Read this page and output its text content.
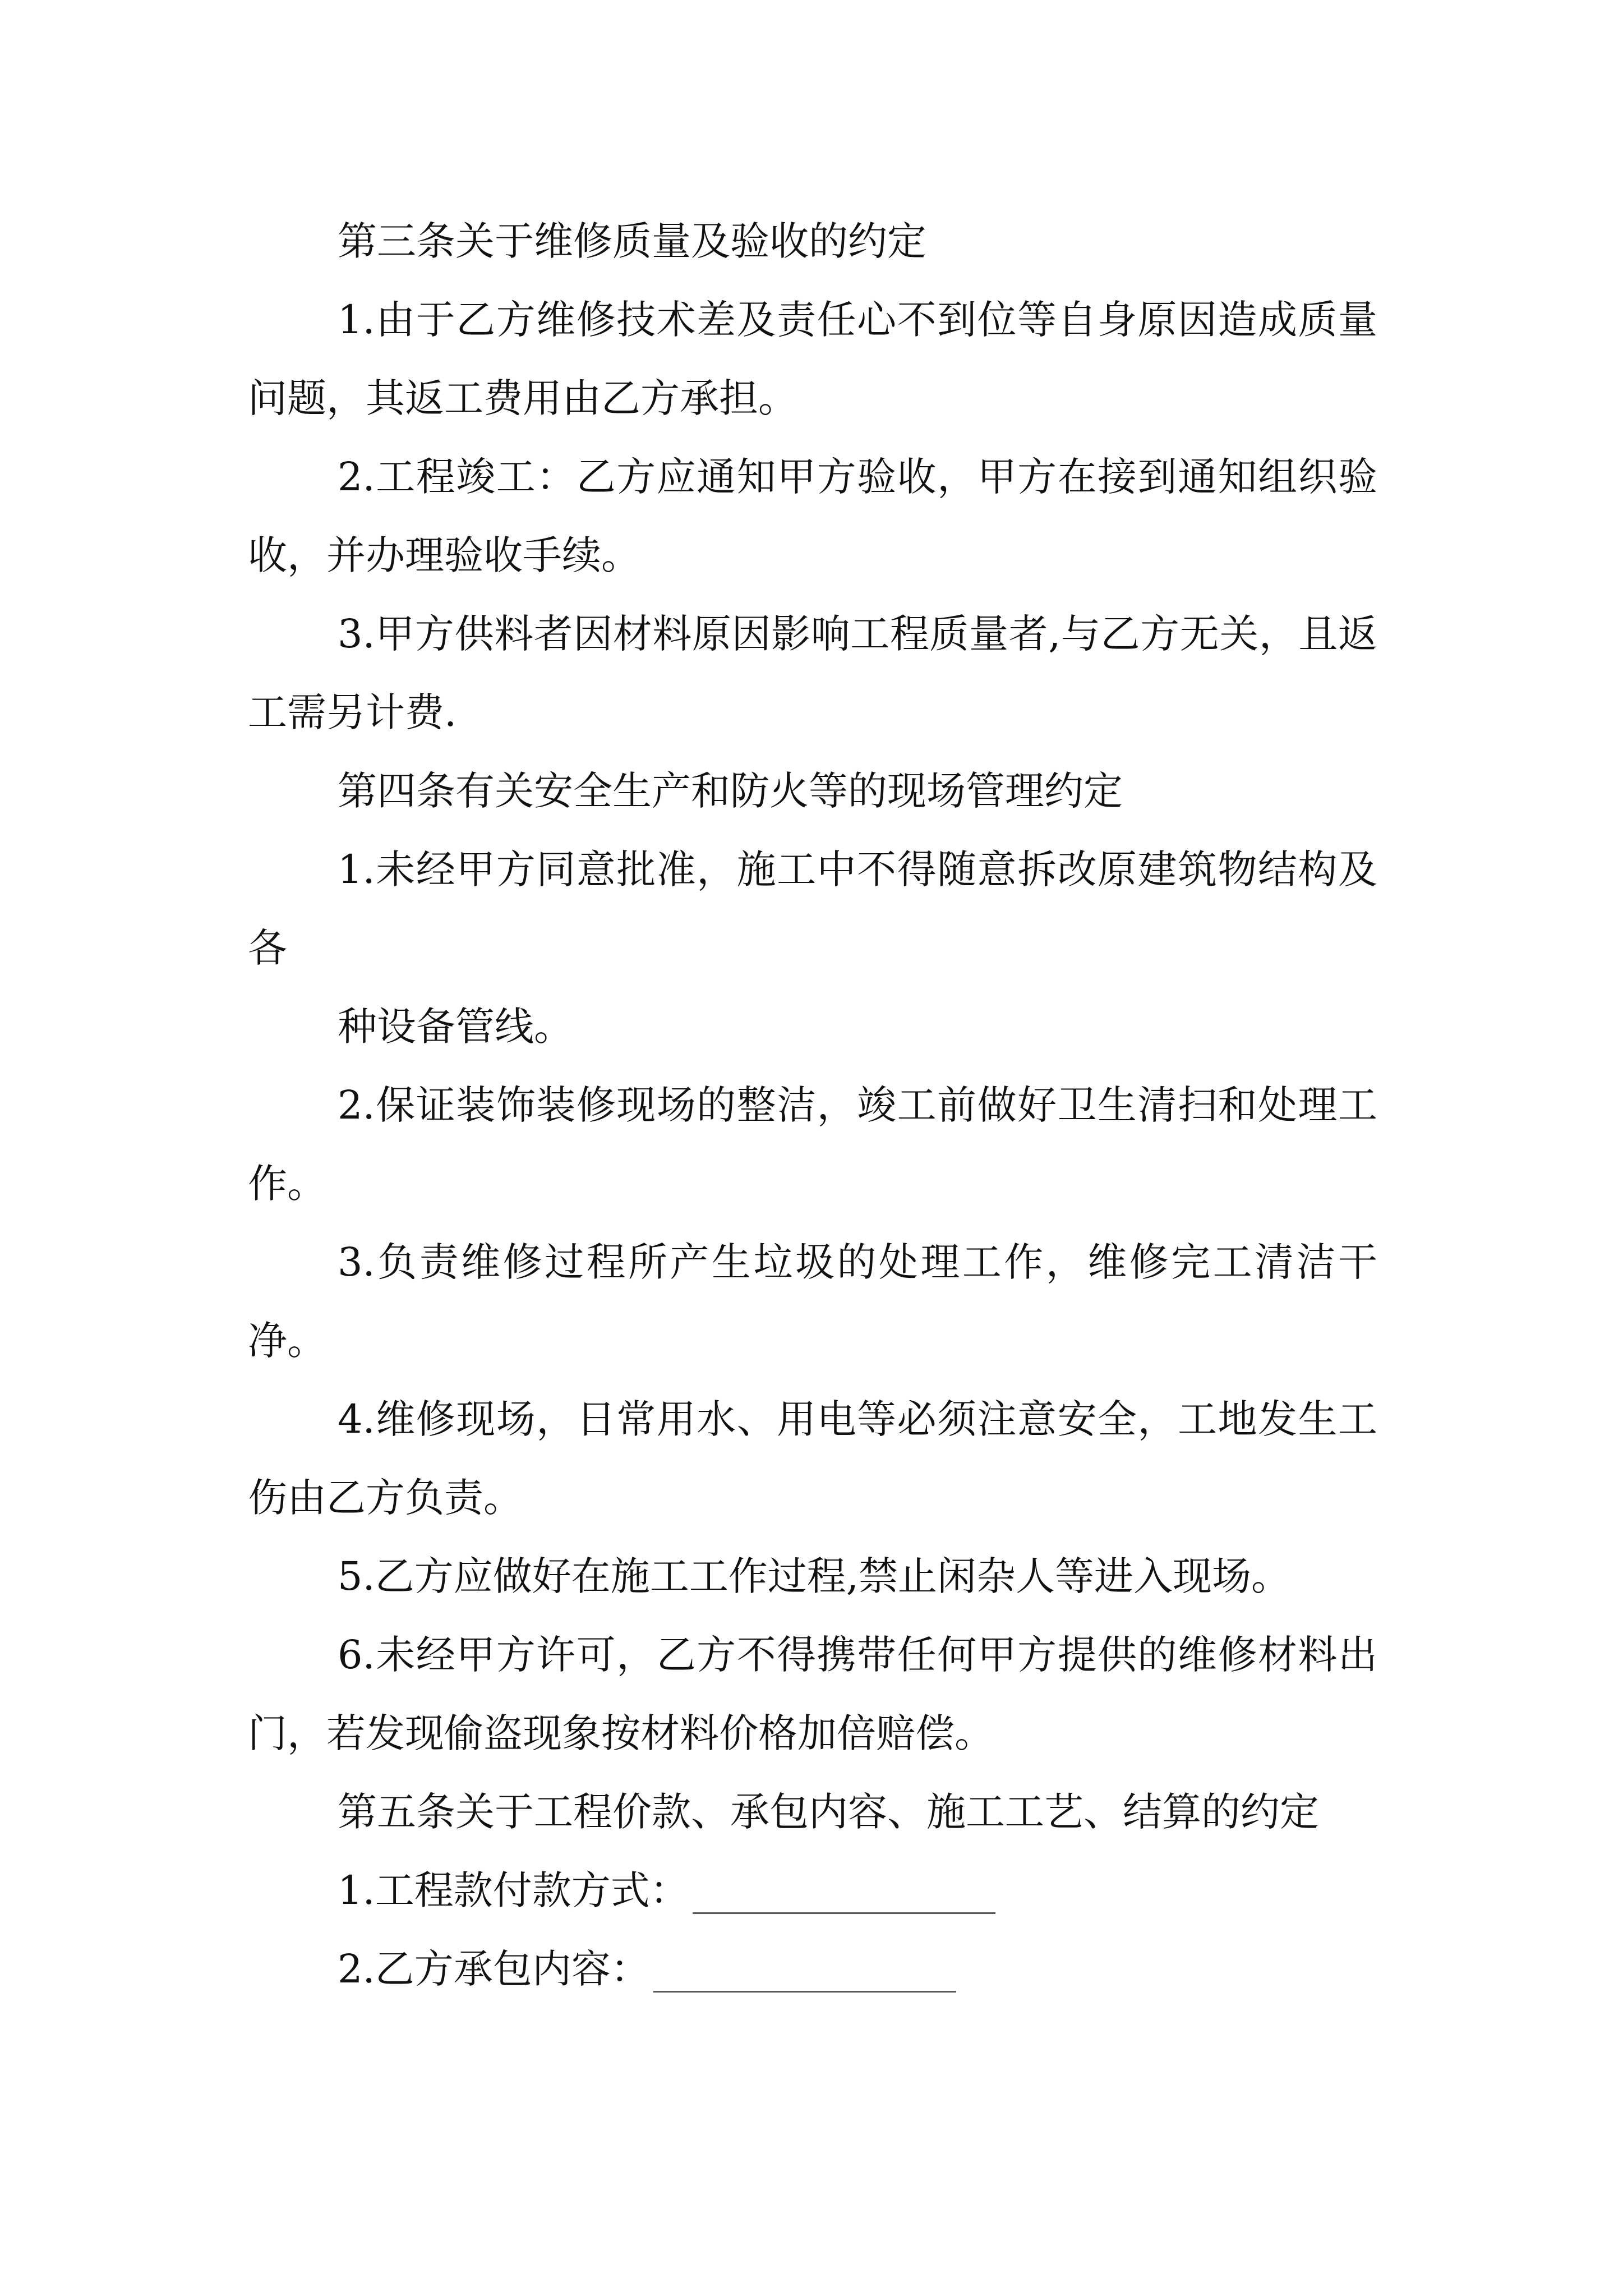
第三条关于维修质量及验收的约定

1.由于乙方维修技术差及责任心不到位等自身原因造成质量问题，其返工费用由乙方承担。

2.工程竣工：乙方应通知甲方验收，甲方在接到通知组织验收，并办理验收手续。

3.甲方供料者因材料原因影响工程质量者,与乙方无关，且返工需另计费.

第四条有关安全生产和防火等的现场管理约定

1.未经甲方同意批准，施工中不得随意拆改原建筑物结构及各

种设备管线。

2.保证装饰装修现场的整洁，竣工前做好卫生清扫和处理工作。

3.负责维修过程所产生垃圾的处理工作，维修完工清洁干净。

4.维修现场，日常用水、用电等必须注意安全，工地发生工伤由乙方负责。

5.乙方应做好在施工工作过程,禁止闲杂人等进入现场。

6.未经甲方许可，乙方不得携带任何甲方提供的维修材料出门，若发现偷盗现象按材料价格加倍赔偿。

第五条关于工程价款、承包内容、施工工艺、结算的约定

1.工程款付款方式：

2.乙方承包内容：
